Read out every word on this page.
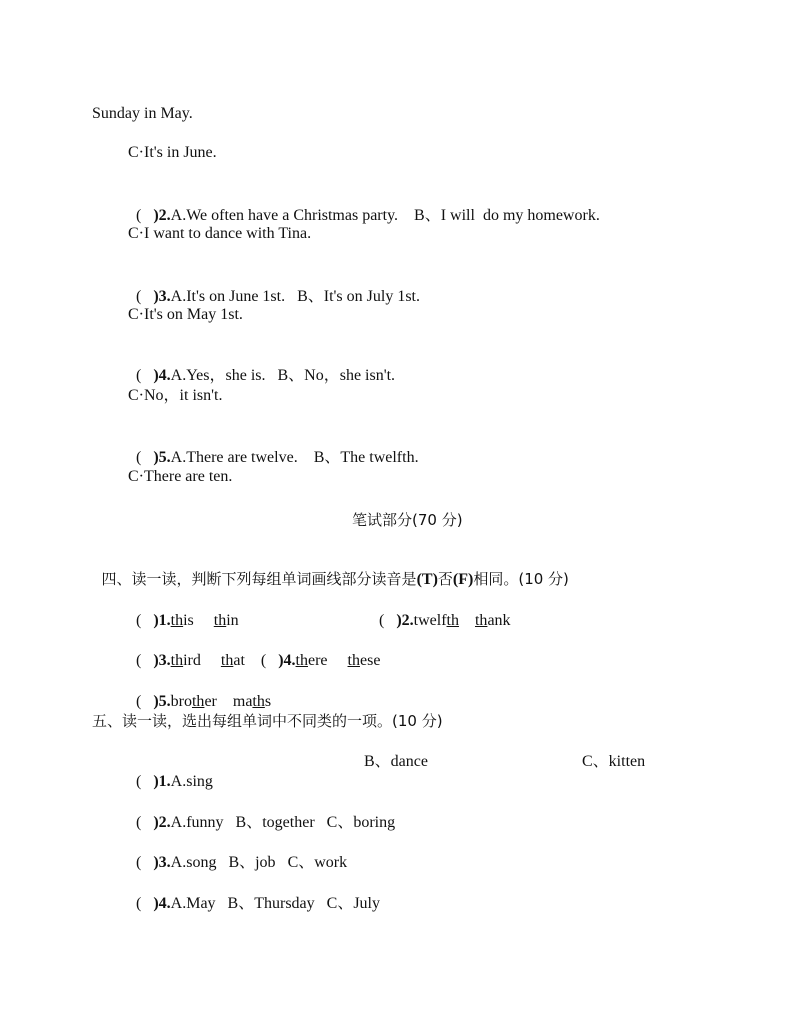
Sunday in May.
C·It's in June.

( )2.A.We often have a Christmas party. B、I will  do my homework.

C·I want to dance with Tina.

( )3.A.It's on June 1st. B、It's on July 1st.

C·It's on May 1st.

( )4.A.Yes，she is. B、No，she isn't.

C·No，it isn't.

( )5.A.There are twelve. B、The twelfth.

C·There are ten.
笔试部分(70 分)

四、读一读，判断下列每组单词画线部分读音是(T)否(F)相同。(10 分)

( )1.this thin	( )2.twelfth thank

( )3.third that ( )4.there these

( )5.brother maths

五、读一读，选出每组单词中不同类的一项。(10 分)

( )1.A.sing

B、dance	C、kitten

( )2.A.funny B、together C、boring

( )3.A.song B、job C、work

( )4.A.May B、Thursday C、July
